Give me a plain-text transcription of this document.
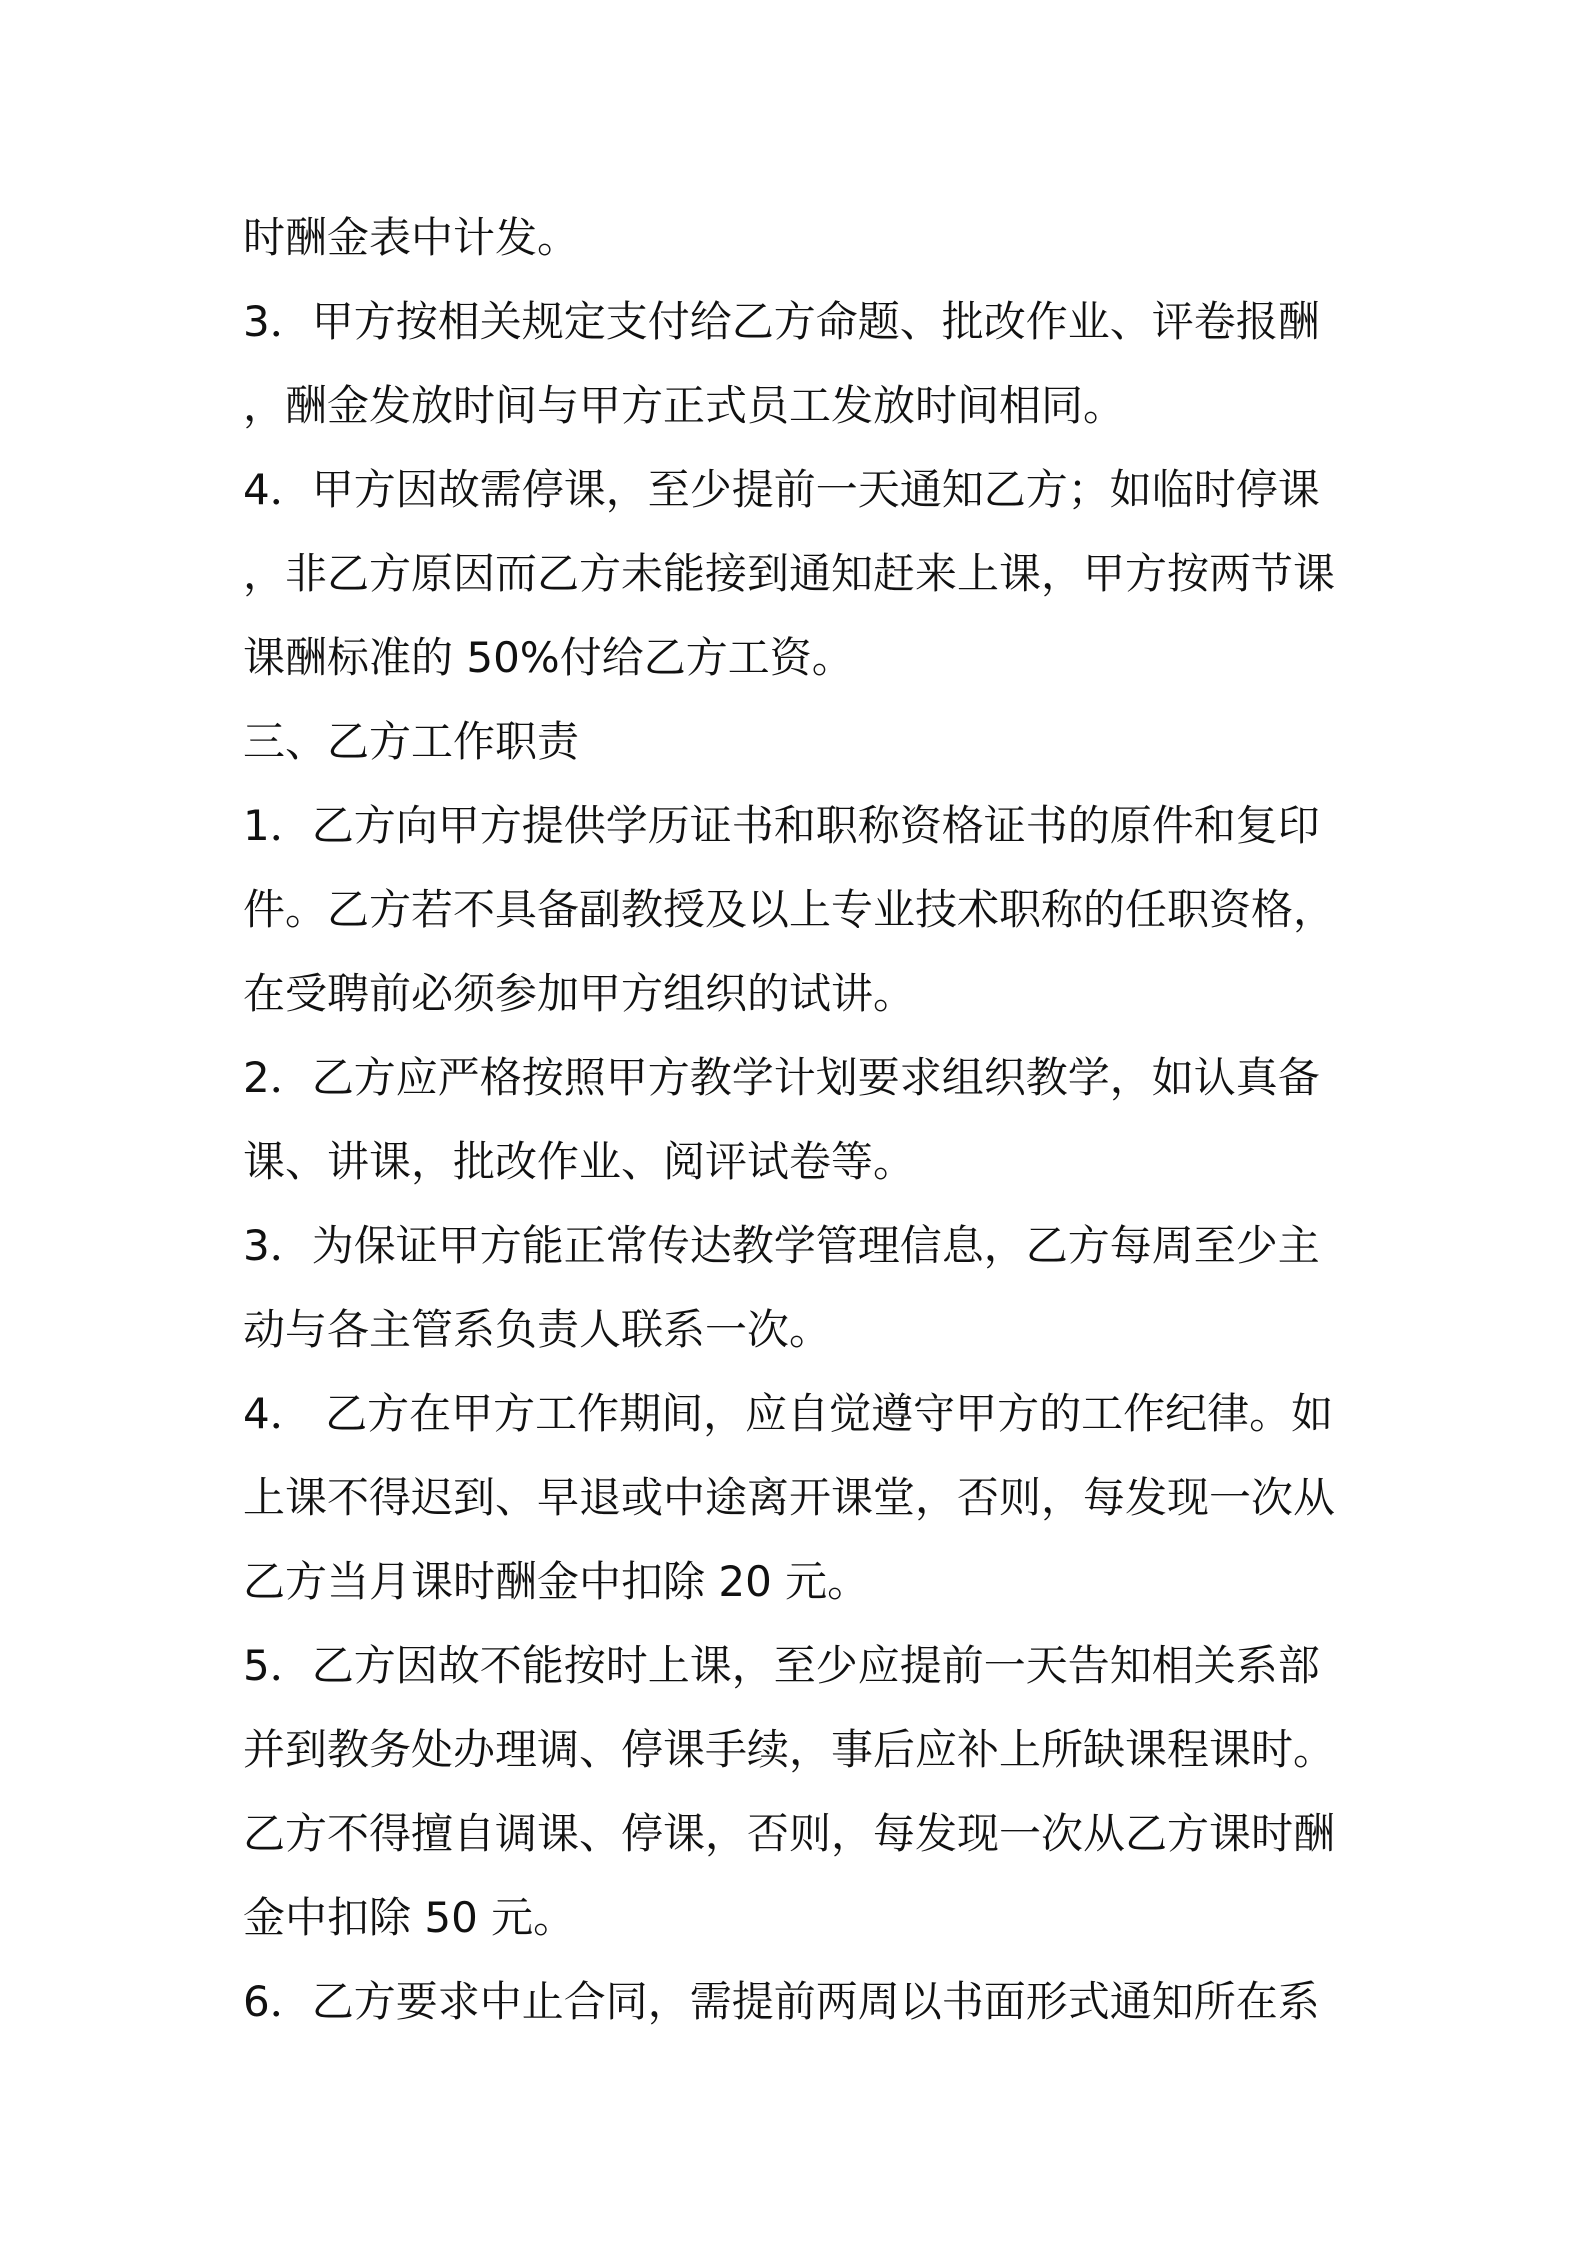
时酬金表中计发。
3．甲方按相关规定支付给乙方命题、批改作业、评卷报酬
，酬金发放时间与甲方正式员工发放时间相同。
4．甲方因故需停课，至少提前一天通知乙方；如临时停课
，非乙方原因而乙方未能接到通知赶来上课，甲方按两节课
课酬标准的 50%付给乙方工资。
三、乙方工作职责
1．乙方向甲方提供学历证书和职称资格证书的原件和复印
件。乙方若不具备副教授及以上专业技术职称的任职资格，
在受聘前必须参加甲方组织的试讲。
2．乙方应严格按照甲方教学计划要求组织教学，如认真备
课、讲课，批改作业、阅评试卷等。
3．为保证甲方能正常传达教学管理信息，乙方每周至少主
动与各主管系负责人联系一次。
4． 乙方在甲方工作期间，应自觉遵守甲方的工作纪律。如
上课不得迟到、早退或中途离开课堂，否则，每发现一次从
乙方当月课时酬金中扣除 20 元。
5．乙方因故不能按时上课，至少应提前一天告知相关系部
并到教务处办理调、停课手续，事后应补上所缺课程课时。
乙方不得擅自调课、停课，否则，每发现一次从乙方课时酬
金中扣除 50 元。
6．乙方要求中止合同，需提前两周以书面形式通知所在系
